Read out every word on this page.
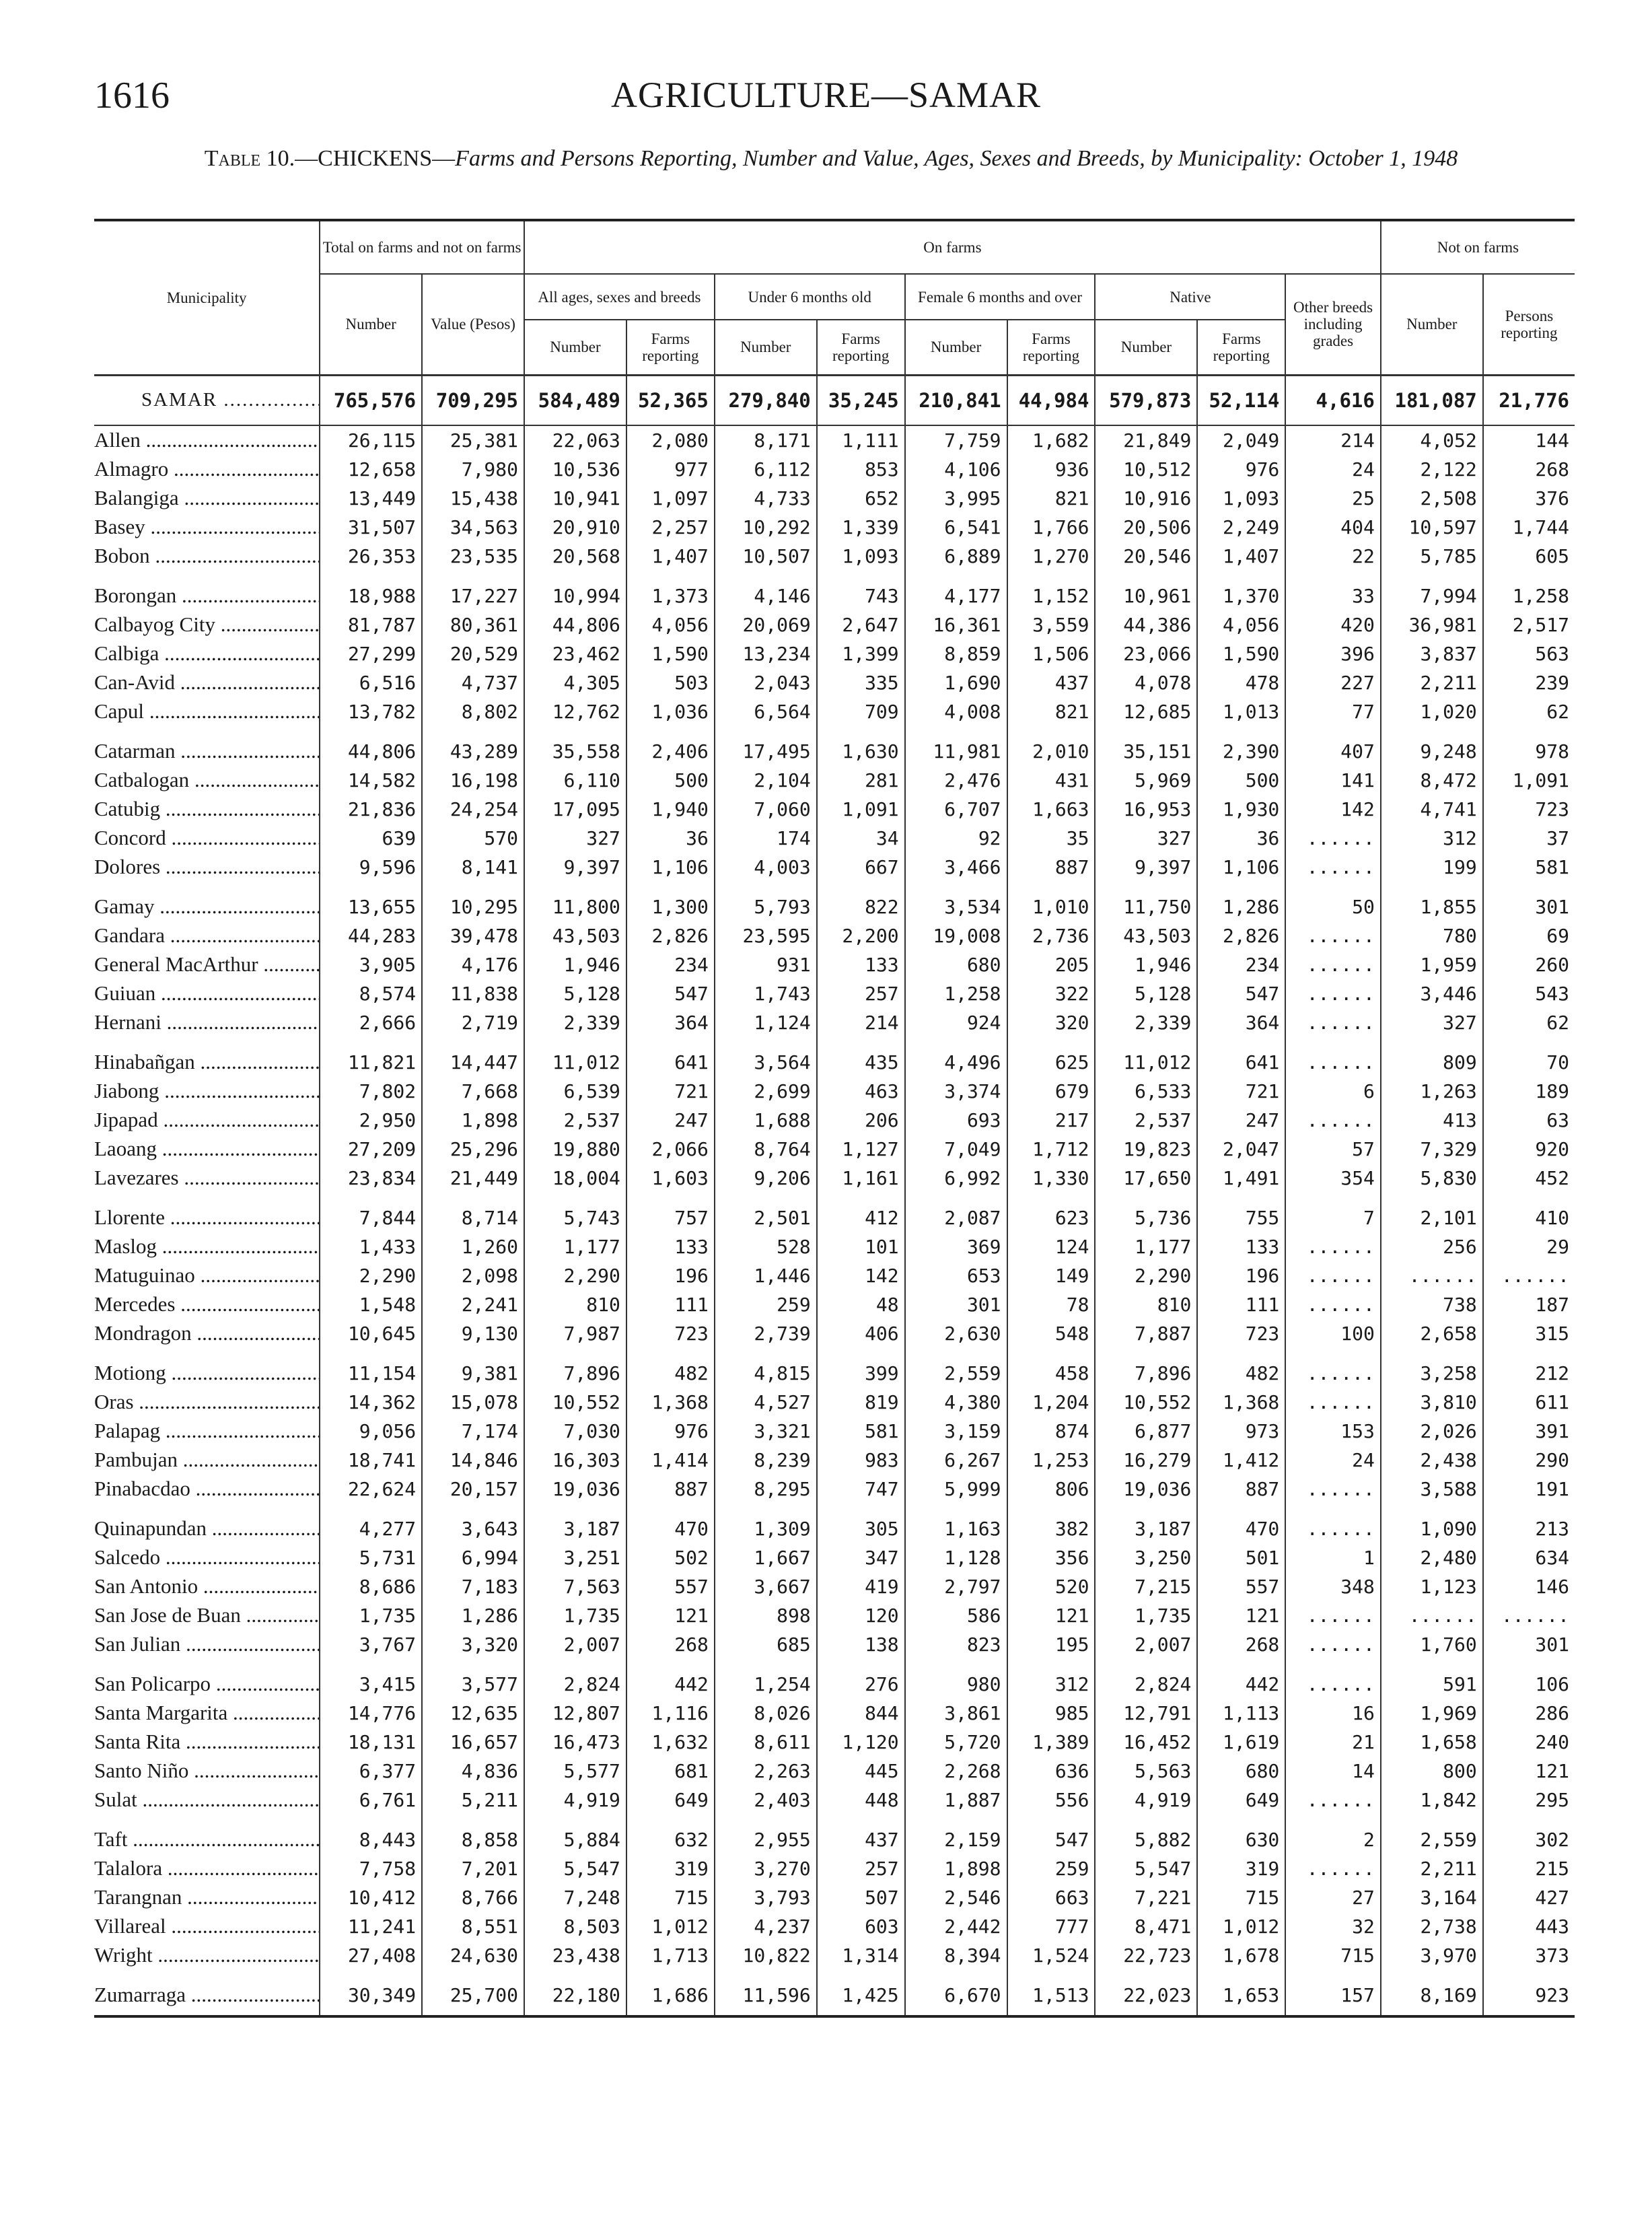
1616	AGRICULTURE—SAMAR
Table 10.—CHICKENS—Farms and Persons Reporting, Number and Value, Ages, Sexes and Breeds, by Municipality: October 1, 1948
Municipality	Total on farms and not on farms		On farms									Not on farms	
	Number	Value (Pesos)	All ages, sexes and breeds		Under 6 months old		Female 6 months and over		Native		Other breeds including grades	Number	Persons reporting
			Number	Farms reporting	Number	Farms reporting	Number	Farms reporting	Number	Farms reporting			
SAMAR .....	765,576	709,295	584,489	52,365	279,840	35,245	210,841	44,984	579,873	52,114	4,616	181,087	21,776
Allen .....	26,115	25,381	22,063	2,080	8,171	1,111	7,759	1,682	21,849	2,049	214	4,052	144
Almagro .....	12,658	7,980	10,536	977	6,112	853	4,106	936	10,512	976	24	2,122	268
Balangiga .....	13,449	15,438	10,941	1,097	4,733	652	3,995	821	10,916	1,093	25	2,508	376
Basey .....	31,507	34,563	20,910	2,257	10,292	1,339	6,541	1,766	20,506	2,249	404	10,597	1,744
Bobon .....	26,353	23,535	20,568	1,407	10,507	1,093	6,889	1,270	20,546	1,407	22	5,785	605
Borongan .....	18,988	17,227	10,994	1,373	4,146	743	4,177	1,152	10,961	1,370	33	7,994	1,258
Calbayog City .....	81,787	80,361	44,806	4,056	20,069	2,647	16,361	3,559	44,386	4,056	420	36,981	2,517
Calbiga .....	27,299	20,529	23,462	1,590	13,234	1,399	8,859	1,506	23,066	1,590	396	3,837	563
Can-Avid .....	6,516	4,737	4,305	503	2,043	335	1,690	437	4,078	478	227	2,211	239
Capul .....	13,782	8,802	12,762	1,036	6,564	709	4,008	821	12,685	1,013	77	1,020	62
Catarman .....	44,806	43,289	35,558	2,406	17,495	1,630	11,981	2,010	35,151	2,390	407	9,248	978
Catbalogan .....	14,582	16,198	6,110	500	2,104	281	2,476	431	5,969	500	141	8,472	1,091
Catubig .....	21,836	24,254	17,095	1,940	7,060	1,091	6,707	1,663	16,953	1,930	142	4,741	723
Concord .....	639	570	327	36	174	34	92	35	327	36	......	312	37
Dolores .....	9,596	8,141	9,397	1,106	4,003	667	3,466	887	9,397	1,106	......	199	581
Gamay .....	13,655	10,295	11,800	1,300	5,793	822	3,534	1,010	11,750	1,286	50	1,855	301
Gandara .....	44,283	39,478	43,503	2,826	23,595	2,200	19,008	2,736	43,503	2,826	......	780	69
General MacArthur .....	3,905	4,176	1,946	234	931	133	680	205	1,946	234	......	1,959	260
Guiuan .....	8,574	11,838	5,128	547	1,743	257	1,258	322	5,128	547	......	3,446	543
Hernani .....	2,666	2,719	2,339	364	1,124	214	924	320	2,339	364	......	327	62
Hinabañgan .....	11,821	14,447	11,012	641	3,564	435	4,496	625	11,012	641	......	809	70
Jiabong .....	7,802	7,668	6,539	721	2,699	463	3,374	679	6,533	721	6	1,263	189
Jipapad .....	2,950	1,898	2,537	247	1,688	206	693	217	2,537	247	......	413	63
Laoang .....	27,209	25,296	19,880	2,066	8,764	1,127	7,049	1,712	19,823	2,047	57	7,329	920
Lavezares .....	23,834	21,449	18,004	1,603	9,206	1,161	6,992	1,330	17,650	1,491	354	5,830	452
Llorente .....	7,844	8,714	5,743	757	2,501	412	2,087	623	5,736	755	7	2,101	410
Maslog .....	1,433	1,260	1,177	133	528	101	369	124	1,177	133	......	256	29
Matuguinao .....	2,290	2,098	2,290	196	1,446	142	653	149	2,290	196	......	......	......
Mercedes .....	1,548	2,241	810	111	259	48	301	78	810	111	......	738	187
Mondragon .....	10,645	9,130	7,987	723	2,739	406	2,630	548	7,887	723	100	2,658	315
Motiong .....	11,154	9,381	7,896	482	4,815	399	2,559	458	7,896	482	......	3,258	212
Oras .....	14,362	15,078	10,552	1,368	4,527	819	4,380	1,204	10,552	1,368	......	3,810	611
Palapag .....	9,056	7,174	7,030	976	3,321	581	3,159	874	6,877	973	153	2,026	391
Pambujan .....	18,741	14,846	16,303	1,414	8,239	983	6,267	1,253	16,279	1,412	24	2,438	290
Pinabacdao .....	22,624	20,157	19,036	887	8,295	747	5,999	806	19,036	887	......	3,588	191
Quinapundan .....	4,277	3,643	3,187	470	1,309	305	1,163	382	3,187	470	......	1,090	213
Salcedo .....	5,731	6,994	3,251	502	1,667	347	1,128	356	3,250	501	1	2,480	634
San Antonio .....	8,686	7,183	7,563	557	3,667	419	2,797	520	7,215	557	348	1,123	146
San Jose de Buan .....	1,735	1,286	1,735	121	898	120	586	121	1,735	121	......	......	......
San Julian .....	3,767	3,320	2,007	268	685	138	823	195	2,007	268	......	1,760	301
San Policarpo .....	3,415	3,577	2,824	442	1,254	276	980	312	2,824	442	......	591	106
Santa Margarita .....	14,776	12,635	12,807	1,116	8,026	844	3,861	985	12,791	1,113	16	1,969	286
Santa Rita .....	18,131	16,657	16,473	1,632	8,611	1,120	5,720	1,389	16,452	1,619	21	1,658	240
Santo Niño .....	6,377	4,836	5,577	681	2,263	445	2,268	636	5,563	680	14	800	121
Sulat .....	6,761	5,211	4,919	649	2,403	448	1,887	556	4,919	649	......	1,842	295
Taft .....	8,443	8,858	5,884	632	2,955	437	2,159	547	5,882	630	2	2,559	302
Talalora .....	7,758	7,201	5,547	319	3,270	257	1,898	259	5,547	319	......	2,211	215
Tarangnan .....	10,412	8,766	7,248	715	3,793	507	2,546	663	7,221	715	27	3,164	427
Villareal .....	11,241	8,551	8,503	1,012	4,237	603	2,442	777	8,471	1,012	32	2,738	443
Wright .....	27,408	24,630	23,438	1,713	10,822	1,314	8,394	1,524	22,723	1,678	715	3,970	373
Zumarraga .....	30,349	25,700	22,180	1,686	11,596	1,425	6,670	1,513	22,023	1,653	157	8,169	923
